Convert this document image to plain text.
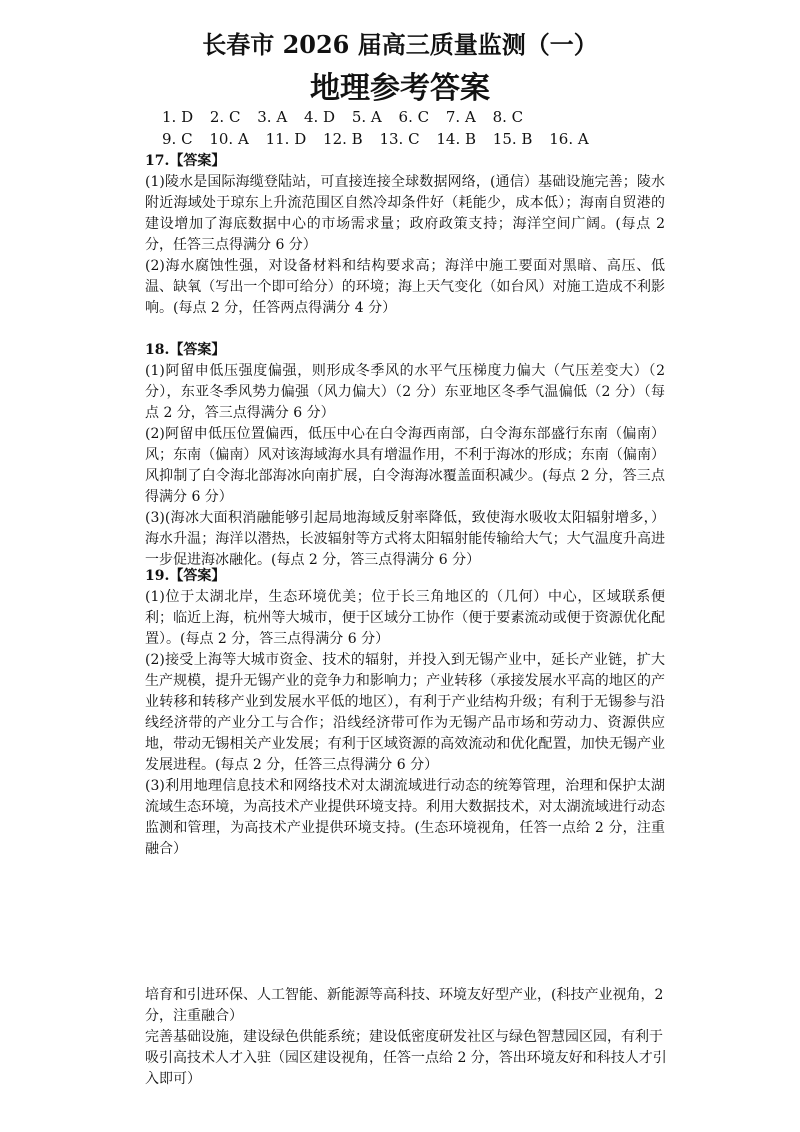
长春市 2026 届高三质量监测（一）
地理参考答案
1. D 2. C 3. A 4. D 5. A 6. C 7. A 8. C
9. C 10. A 11. D 12. B 13. C 14. B 15. B 16. A

17.【答案】

(1)陵水是国际海缆登陆站，可直接连接全球数据网络，(通信）基础设施完善；陵水附近海域处于琼东上升流范围区自然冷却条件好（耗能少，成本低）；海南自贸港的建设增加了海底数据中心的市场需求量；政府政策支持；海洋空间广阔。(每点 2 分，任答三点得满分 6 分）

(2)海水腐蚀性强，对设备材料和结构要求高；海洋中施工要面对黑暗、高压、低温、缺氧（写出一个即可给分）的环境；海上天气变化（如台风）对施工造成不利影响。(每点 2 分，任答两点得满分 4 分）

18.【答案】

(1)阿留申低压强度偏强，则形成冬季风的水平气压梯度力偏大（气压差变大）（2 分），东亚冬季风势力偏强（风力偏大）（2 分）东亚地区冬季气温偏低（2 分）（每点 2 分，答三点得满分 6 分）

(2)阿留申低压位置偏西，低压中心在白令海西南部，白令海东部盛行东南（偏南）风；东南（偏南）风对该海域海水具有增温作用，不利于海冰的形成；东南（偏南）风抑制了白令海北部海冰向南扩展，白令海海冰覆盖面积减少。(每点 2 分，答三点得满分 6 分）

(3)(海冰大面积消融能够引起局地海域反射率降低，致使海水吸收太阳辐射增多，）海水升温；海洋以潜热，长波辐射等方式将太阳辐射能传输给大气；大气温度升高进一步促进海冰融化。(每点 2 分，答三点得满分 6 分）

19.【答案】

(1)位于太湖北岸，生态环境优美；位于长三角地区的（几何）中心，区域联系便利；临近上海，杭州等大城市，便于区域分工协作（便于要素流动或便于资源优化配置）。(每点 2 分，答三点得满分 6 分）

(2)接受上海等大城市资金、技术的辐射，并投入到无锡产业中，延长产业链，扩大生产规模，提升无锡产业的竞争力和影响力；产业转移（承接发展水平高的地区的产业转移和转移产业到发展水平低的地区），有利于产业结构升级；有利于无锡参与沿线经济带的产业分工与合作；沿线经济带可作为无锡产品市场和劳动力、资源供应地，带动无锡相关产业发展；有利于区域资源的高效流动和优化配置，加快无锡产业发展进程。(每点 2 分，任答三点得满分 6 分）

(3)利用地理信息技术和网络技术对太湖流域进行动态的统筹管理，治理和保护太湖流域生态环境，为高技术产业提供环境支持。利用大数据技术，对太湖流域进行动态监测和管理，为高技术产业提供环境支持。(生态环境视角，任答一点给 2 分，注重融合）

培育和引进环保、人工智能、新能源等高科技、环境友好型产业，(科技产业视角，2 分，注重融合）

完善基础设施，建设绿色供能系统；建设低密度研发社区与绿色智慧园区园，有利于吸引高技术人才入驻（园区建设视角，任答一点给 2 分，答出环境友好和科技人才引入即可）
